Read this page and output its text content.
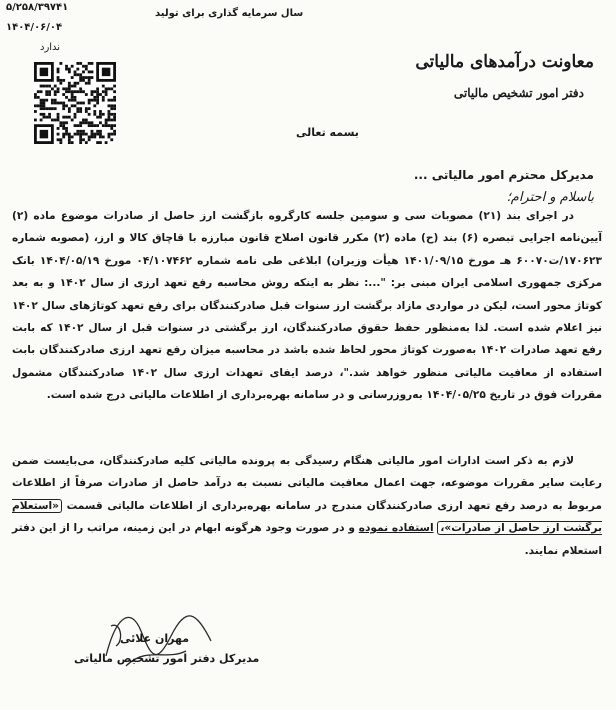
۵/۲۵۸/۳۹۷۴۱
۱۴۰۴/۰۶/۰۴
ندارد
سال سرمایه گذاری برای تولید
معاونت درآمدهای مالیاتی
دفتر امور تشخیص مالیاتی
بسمه تعالی
مدیرکل محترم امور مالیاتی ...
باسلام و احترام؛

در اجرای بند (۲۱) مصوبات سی و سومین جلسه کارگروه بازگشت ارز حاصل از صادرات موضوع ماده (۲) آیین‌نامه اجرایی تبصره (۶) بند (ح) ماده (۲) مکرر قانون اصلاح قانون مبارزه با قاچاق کالا و ارز، (مصوبه شماره ۱۷۰۶۲۳/ت۶۰۰۷۰ هـ مورخ ۱۴۰۱/۰۹/۱۵ هیأت وزیران) ابلاغی طی نامه شماره ۰۴/۱۰۷۴۶۲ مورخ ۱۴۰۴/۰۵/۱۹ بانک مرکزی جمهوری اسلامی ایران مبنی بر: "...: نظر به اینکه روش محاسبه رفع تعهد ارزی از سال ۱۴۰۲ و به بعد کوتاژ محور است، لیکن در مواردی مازاد برگشت ارز سنوات قبل صادرکنندگان برای رفع تعهد کوتاژهای سال ۱۴۰۲ نیز اعلام شده است. لذا به‌منظور حفظ حقوق صادرکنندگان، ارز برگشتی در سنوات قبل از سال ۱۴۰۲ که بابت رفع تعهد صادرات ۱۴۰۲ به‌صورت کوتاژ محور لحاظ شده باشد در محاسبه میزان رفع تعهد ارزی صادرکنندگان بابت استفاده از معافیت مالیاتی منظور خواهد شد."، درصد ایفای تعهدات ارزی سال ۱۴۰۲ صادرکنندگان مشمول مقررات فوق در تاریخ ۱۴۰۴/۰۵/۲۵ به‌روزرسانی و در سامانه بهره‌برداری از اطلاعات مالیاتی درج شده است.

لازم به ذکر است ادارات امور مالیاتی هنگام رسیدگی به پرونده مالیاتی کلیه صادرکنندگان، می‌بایست ضمن رعایت سایر مقررات موضوعه، جهت اعمال معافیت مالیاتی نسبت به درآمد حاصل از صادرات صرفاً از اطلاعات مربوط به درصد رفع تعهد ارزی صادرکنندگان مندرج در سامانه بهره‌برداری از اطلاعات مالیاتی قسمت «استعلام برگشت ارز حاصل از صادرات»، استفاده نموده و در صورت وجود هرگونه ابهام در این زمینه، مراتب را از این دفتر استعلام نمایند.

مهران علائی
مدیرکل دفتر امور تشخیص مالیاتی
